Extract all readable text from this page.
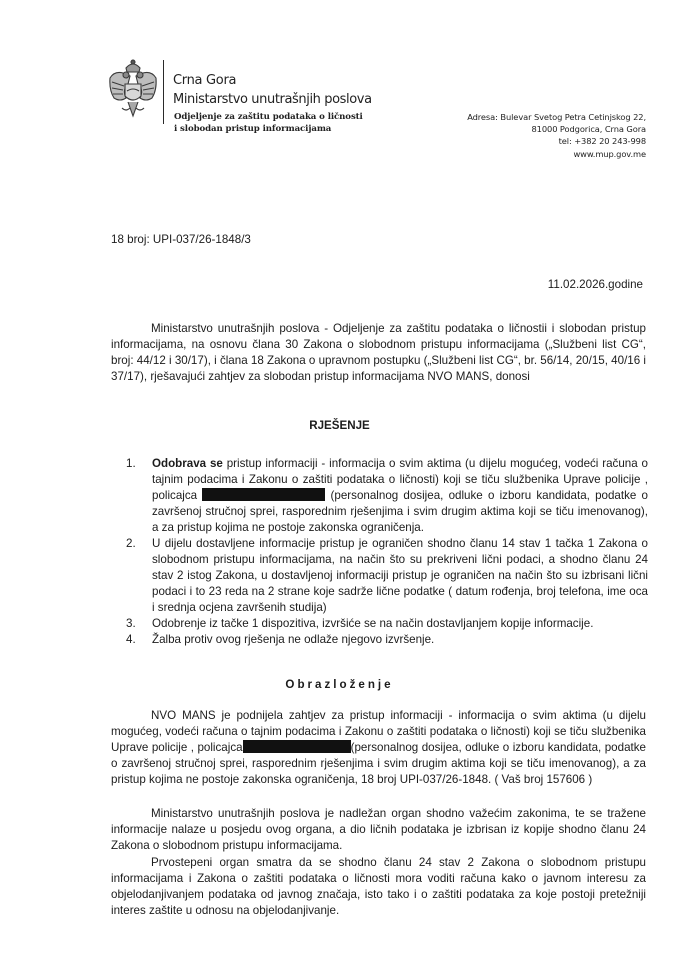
Crna Gora
Ministarstvo unutrašnjih poslova
Odjeljenje za zaštitu podataka o ličnosti
i slobodan pristup informacijama
Adresa: Bulevar Svetog Petra Cetinjskog 22,
81000 Podgorica, Crna Gora
tel: +382 20 243-998
www.mup.gov.me
18 broj: UPI-037/26-1848/3
11.02.2026.godine
Ministarstvo unutrašnjih poslova - Odjeljenje za zaštitu podataka o ličnostii i slobodan pristup informacijama, na osnovu člana 30 Zakona o slobodnom pristupu informacijama („Službeni list CG“, broj: 44/12 i 30/17), i člana 18 Zakona o upravnom postupku („Službeni list CG“, br. 56/14, 20/15, 40/16 i 37/17), rješavajući zahtjev za slobodan pristup informacijama NVO MANS, donosi
RJEŠENJE
1. Odobrava se pristup informaciji - informacija o svim aktima (u dijelu mogućeg, vodeći računa o tajnim podacima i Zakonu o zaštiti podataka o ličnosti) koji se tiču službenika Uprave policije , policajca	(personalnog dosijea, odluke o izboru kandidata, podatke o završenoj stručnoj sprei, rasporednim rješenjima i svim drugim aktima koji se tiču imenovanog), a za pristup kojima ne postoje zakonska ograničenja.
2. U dijelu dostavljene informacije pristup je ograničen shodno članu 14 stav 1 tačka 1 Zakona o slobodnom pristupu informacijama, na način što su prekriveni lični podaci, a shodno članu 24 stav 2 istog Zakona, u dostavljenoj informaciji pristup je ograničen na način što su izbrisani lični podaci i to 23 reda na 2 strane koje sadrže lične podatke ( datum rođenja, broj telefona, ime oca i srednja ocjena završenih studija)
3. Odobrenje iz tačke 1 dispozitiva, izvršiće se na način dostavljanjem kopije informacije.
4. Žalba protiv ovog rješenja ne odlaže njegovo izvršenje.
Obrazloženje
NVO MANS je podnijela zahtjev za pristup informaciji - informacija o svim aktima (u dijelu mogućeg, vodeći računa o tajnim podacima i Zakonu o zaštiti podataka o ličnosti) koji se tiču službenika Uprave policije , policajca	(personalnog dosijea, odluke o izboru kandidata, podatke o završenoj stručnoj sprei, rasporednim rješenjima i svim drugim aktima koji se tiču imenovanog), a za pristup kojima ne postoje zakonska ograničenja, 18 broj UPI-037/26-1848. ( Vaš broj 157606 )
Ministarstvo unutrašnjih poslova je nadležan organ shodno važećim zakonima, te se tražene informacije nalaze u posjedu ovog organa, a dio ličnih podataka je izbrisan iz kopije shodno članu 24 Zakona o slobodnom pristupu informacijama.
Prvostepeni organ smatra da se shodno članu 24 stav 2 Zakona o slobodnom pristupu informacijama i Zakona o zaštiti podataka o ličnosti mora voditi računa kako o javnom interesu za objelodanjivanjem podataka od javnog značaja, isto tako i o zaštiti podataka za koje postoji pretežniji interes zaštite u odnosu na objelodanjivanje.
